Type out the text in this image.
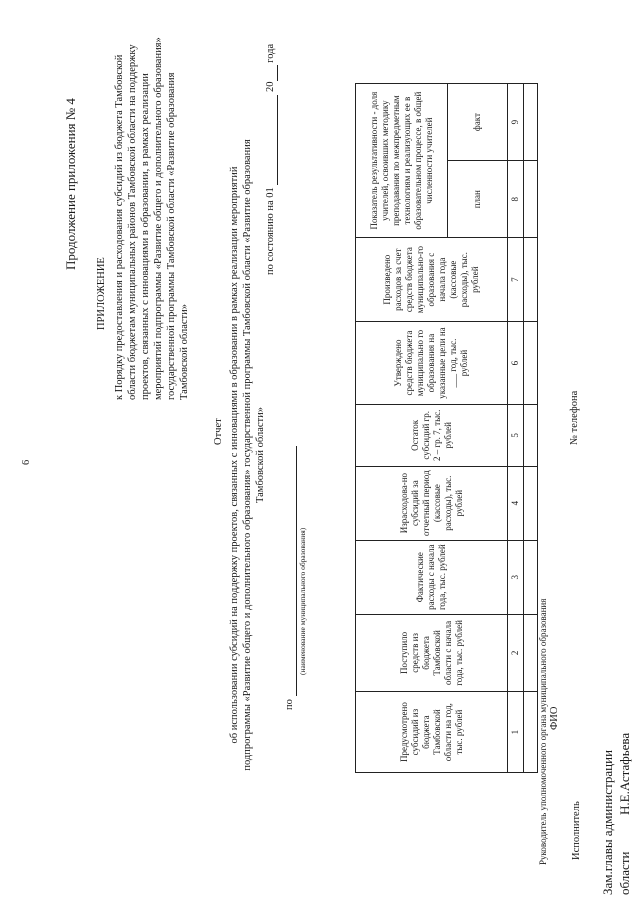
6
Продолжение приложения № 4
ПРИЛОЖЕНИЕ к Порядку предоставления и расходования субсидий из бюджета Тамбовской области бюджетам муниципальных районов Тамбовской области на поддержку проектов, связанных с инновациями в образовании, в рамках реализации мероприятий подпрограммы «Развитие общего и дополнительного образования» государственной программы Тамбовской области «Развитие образования Тамбовской области»
Отчет об использовании субсидий на поддержку проектов, связанных с инновациями в образовании в рамках реализации мероприятий подпрограммы «Развитие общего и дополнительного образования» государственной программы Тамбовской области «Развитие образования Тамбовской области»
по состоянию на 01   20  года
по
(наименование муниципального образования)
Предусмотрено субсидий из бюджета Тамбовской области на год, тыс. рублей	Поступило средств из бюджета Тамбовской области с начала года, тыс. рублей	Фактические расходы с начала года, тыс. рублей	Израсходова-но субсидий за отчетный период (кассовые расходы), тыс. рублей	Остаток субсидий гр. 2 – гр. 7, тыс. рублей	Утверждено средств бюджета муниципально го образования на указанные цели на ___ год, тыс. рублей	Произведено расходов за счет средств бюджета муниципально-го образования с начала года (кассовые расходы), тыс. рублей	Показатель результативности - доля учителей, освоивших методику преподавания по межпредметным технологиям и реализующих ее в образовательном процессе, в общей численности учителей	
							план	факт
1	2	3	4	5	6	7	8	9

Руководитель уполномоченного органа муниципального образования ФИО
Исполнитель
№ телефона
Зам.главы администрации области
Н.Е.Астафьева
